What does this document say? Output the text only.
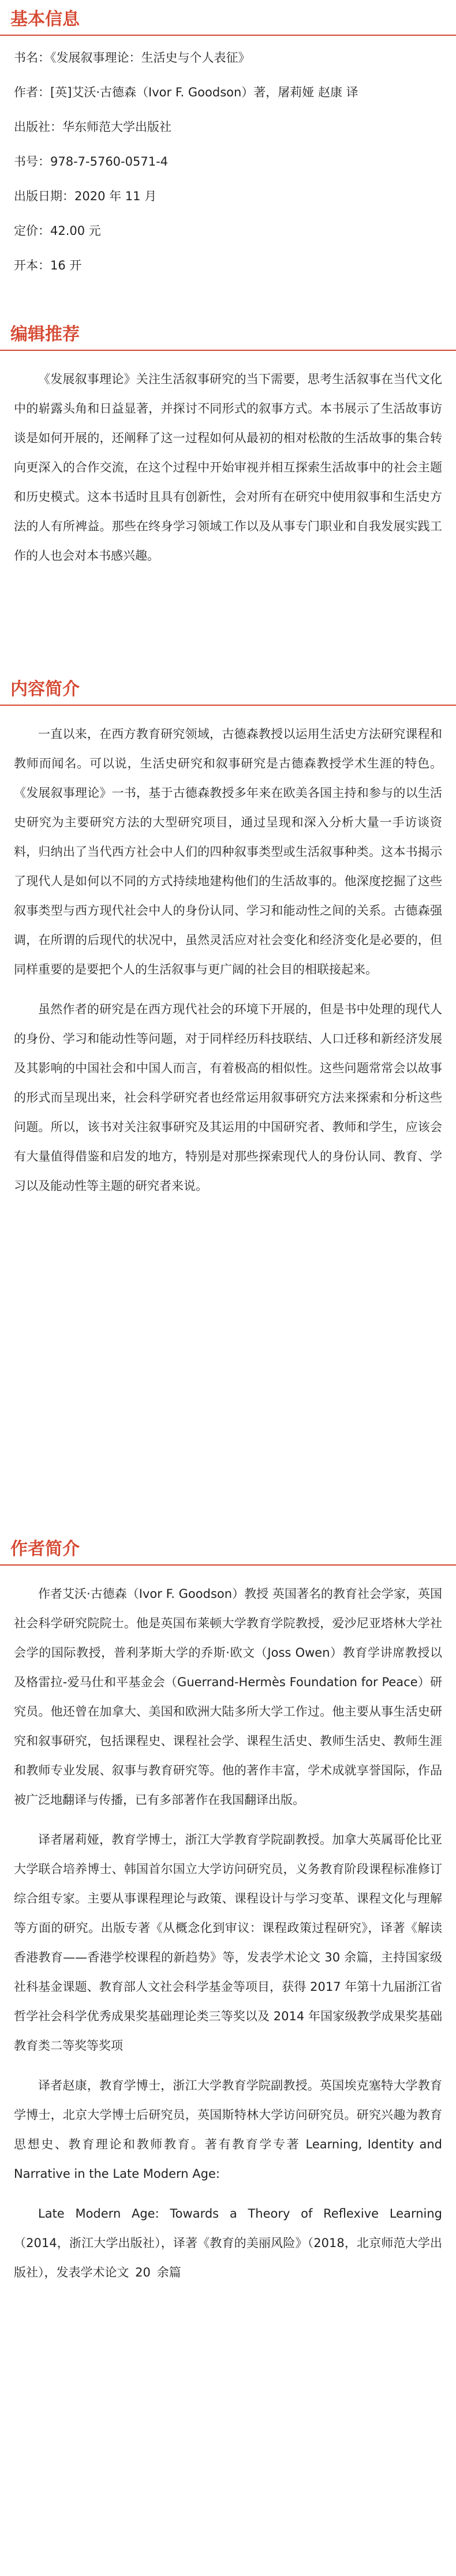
基本信息
书名：《发展叙事理论：生活史与个人表征》
作者：[英]艾沃·古德森（Ivor F. Goodson）著，屠莉娅 赵康 译
出版社：华东师范大学出版社
书号：978-7-5760-0571-4
出版日期：2020 年 11 月
定价：42.00 元
开本：16 开
编辑推荐

《发展叙事理论》关注生活叙事研究的当下需要，思考生活叙事在当代文化中的崭露头角和日益显著，并探讨不同形式的叙事方式。本书展示了生活故事访谈是如何开展的，还阐释了这一过程如何从最初的相对松散的生活故事的集合转向更深入的合作交流，在这个过程中开始审视并相互探索生活故事中的社会主题和历史模式。这本书适时且具有创新性，会对所有在研究中使用叙事和生活史方法的人有所裨益。那些在终身学习领域工作以及从事专门职业和自我发展实践工作的人也会对本书感兴趣。

内容简介

一直以来，在西方教育研究领域，古德森教授以运用生活史方法研究课程和教师而闻名。可以说，生活史研究和叙事研究是古德森教授学术生涯的特色。《发展叙事理论》一书，基于古德森教授多年来在欧美各国主持和参与的以生活史研究为主要研究方法的大型研究项目，通过呈现和深入分析大量一手访谈资料，归纳出了当代西方社会中人们的四种叙事类型或生活叙事种类。这本书揭示了现代人是如何以不同的方式持续地建构他们的生活故事的。他深度挖掘了这些叙事类型与西方现代社会中人的身份认同、学习和能动性之间的关系。古德森强调，在所谓的后现代的状况中，虽然灵活应对社会变化和经济变化是必要的，但同样重要的是要把个人的生活叙事与更广阔的社会目的相联接起来。

虽然作者的研究是在西方现代社会的环境下开展的，但是书中处理的现代人的身份、学习和能动性等问题，对于同样经历科技联结、人口迁移和新经济发展及其影响的中国社会和中国人而言，有着极高的相似性。这些问题常常会以故事的形式而呈现出来，社会科学研究者也经常运用叙事研究方法来探索和分析这些问题。所以，该书对关注叙事研究及其运用的中国研究者、教师和学生，应该会有大量值得借鉴和启发的地方，特别是对那些探索现代人的身份认同、教育、学习以及能动性等主题的研究者来说。

作者简介

作者艾沃·古德森（Ivor F. Goodson）教授 英国著名的教育社会学家，英国社会科学研究院院士。他是英国布莱顿大学教育学院教授，爱沙尼亚塔林大学社会学的国际教授，普利茅斯大学的乔斯·欧文（Joss Owen）教育学讲席教授以及格雷拉-爱马仕和平基金会（Guerrand-Hermès Foundation for Peace）研究员。他还曾在加拿大、美国和欧洲大陆多所大学工作过。他主要从事生活史研究和叙事研究，包括课程史、课程社会学、课程生活史、教师生活史、教师生涯和教师专业发展、叙事与教育研究等。他的著作丰富，学术成就享誉国际，作品被广泛地翻译与传播，已有多部著作在我国翻译出版。

译者屠莉娅，教育学博士，浙江大学教育学院副教授。加拿大英属哥伦比亚大学联合培养博士、韩国首尔国立大学访问研究员，义务教育阶段课程标准修订综合组专家。主要从事课程理论与政策、课程设计与学习变革、课程文化与理解等方面的研究。出版专著《从概念化到审议：课程政策过程研究》，译著《解读香港教育——香港学校课程的新趋势》等，发表学术论文 30 余篇，主持国家级社科基金课题、教育部人文社会科学基金等项目，获得 2017 年第十九届浙江省哲学社会科学优秀成果奖基础理论类三等奖以及 2014 年国家级教学成果奖基础教育类二等奖等奖项

译者赵康，教育学博士，浙江大学教育学院副教授。英国埃克塞特大学教育学博士，北京大学博士后研究员，英国斯特林大学访问研究员。研究兴趣为教育思想史、教育理论和教师教育。著有教育学专著 Learning, Identity and Narrative in the Late Modern Age:

Late Modern Age: Towards a Theory of Reflexive Learning（2014，浙江大学出版社），译著《教育的美丽风险》（2018，北京师范大学出版社），发表学术论文 20 余篇
